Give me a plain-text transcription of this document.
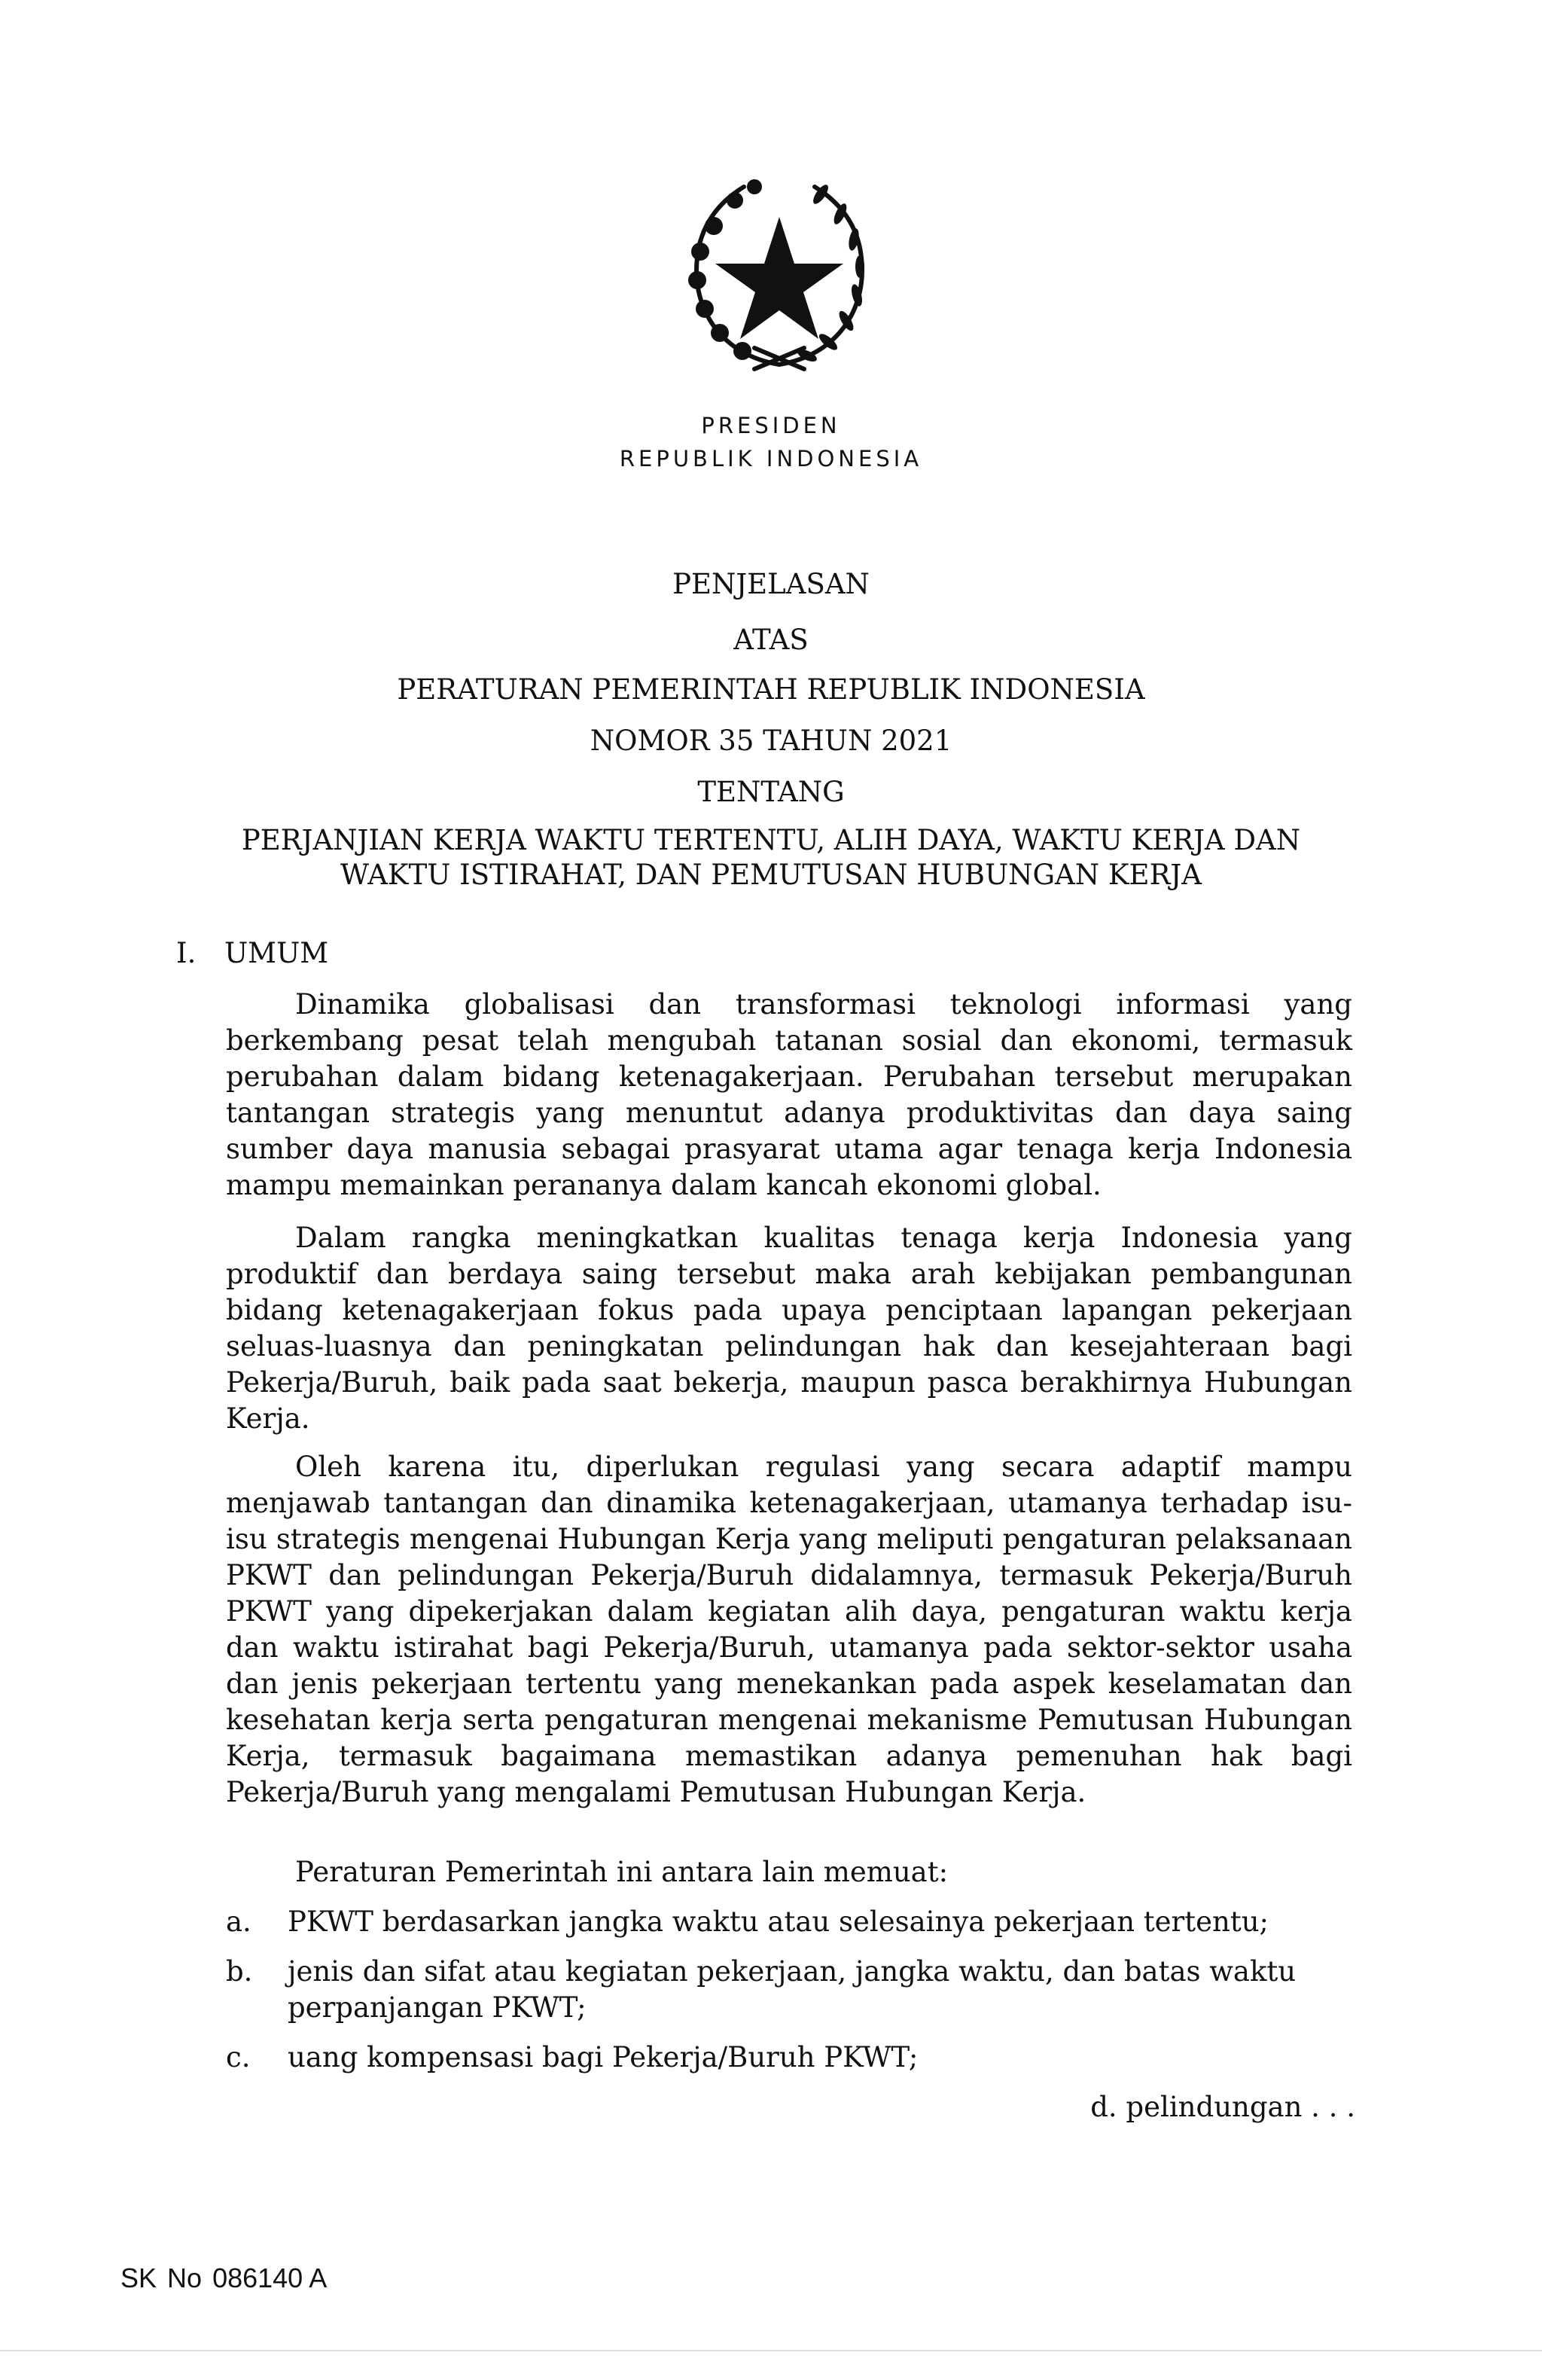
PRESIDEN
REPUBLIK INDONESIA
PENJELASAN
ATAS
PERATURAN PEMERINTAH REPUBLIK INDONESIA
NOMOR 35 TAHUN 2021
TENTANG
PERJANJIAN KERJA WAKTU TERTENTU, ALIH DAYA, WAKTU KERJA DAN
WAKTU ISTIRAHAT, DAN PEMUTUSAN HUBUNGAN KERJA
I. UMUM

Dinamika globalisasi dan transformasi teknologi informasi yang berkembang pesat telah mengubah tatanan sosial dan ekonomi, termasuk perubahan dalam bidang ketenagakerjaan. Perubahan tersebut merupakan tantangan strategis yang menuntut adanya produktivitas dan daya saing sumber daya manusia sebagai prasyarat utama agar tenaga kerja Indonesia mampu memainkan perananya dalam kancah ekonomi global.

Dalam rangka meningkatkan kualitas tenaga kerja Indonesia yang produktif dan berdaya saing tersebut maka arah kebijakan pembangunan bidang ketenagakerjaan fokus pada upaya penciptaan lapangan pekerjaan seluas-luasnya dan peningkatan pelindungan hak dan kesejahteraan bagi Pekerja/Buruh, baik pada saat bekerja, maupun pasca berakhirnya Hubungan Kerja.

Oleh karena itu, diperlukan regulasi yang secara adaptif mampu menjawab tantangan dan dinamika ketenagakerjaan, utamanya terhadap isu-isu strategis mengenai Hubungan Kerja yang meliputi pengaturan pelaksanaan PKWT dan pelindungan Pekerja/Buruh didalamnya, termasuk Pekerja/Buruh PKWT yang dipekerjakan dalam kegiatan alih daya, pengaturan waktu kerja dan waktu istirahat bagi Pekerja/Buruh, utamanya pada sektor-sektor usaha dan jenis pekerjaan tertentu yang menekankan pada aspek keselamatan dan kesehatan kerja serta pengaturan mengenai mekanisme Pemutusan Hubungan Kerja, termasuk bagaimana memastikan adanya pemenuhan hak bagi Pekerja/Buruh yang mengalami Pemutusan Hubungan Kerja.

Peraturan Pemerintah ini antara lain memuat:

a.	PKWT berdasarkan jangka waktu atau selesainya pekerjaan tertentu;
b.	jenis dan sifat atau kegiatan pekerjaan, jangka waktu, dan batas waktu perpanjangan PKWT;
c.	uang kompensasi bagi Pekerja/Buruh PKWT;
d. pelindungan . . .
SK No 086140 A
